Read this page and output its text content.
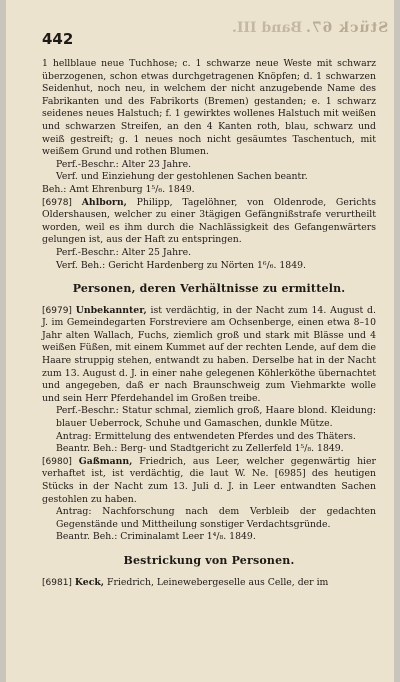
Stück 67.
Band III.
442

1 hellblaue neue Tuchhose; c. 1 schwarze neue Weste mit schwarz überzogenen, schon etwas durchgetragenen Knöpfen; d. 1 schwarzen Seidenhut, noch neu, in welchem der nicht anzugebende Name des Fabrikanten und des Fabrikorts (Bremen) gestanden; e. 1 schwarz seidenes neues Halstuch; f. 1 gewirktes wollenes Halstuch mit weißen und schwarzen Streifen, an den 4 Kanten roth, blau, schwarz und weiß gestreift; g. 1 neues noch nicht gesäumtes Taschentuch, mit weißem Grund und rothen Blumen.

Perf.-Beschr.: Alter 23 Jahre.

Verf. und Einziehung der gestohlenen Sachen beantr.

Beh.: Amt Ehrenburg 1⁵/₆. 1849.

[6978] Ahlborn, Philipp, Tagelöhner, von Oldenrode, Gerichts Oldershausen, welcher zu einer 3tägigen Gefängnißstrafe verurtheilt worden, weil es ihm durch die Nachlässigkeit des Gefangenwärters gelungen ist, aus der Haft zu entspringen.

Perf.-Beschr.: Alter 25 Jahre.

Verf. Beh.: Gericht Hardenberg zu Nörten 1⁶/₆. 1849.

Personen, deren Verhältnisse zu ermitteln.

[6979] Unbekannter, ist verdächtig, in der Nacht zum 14. August d. J. im Gemeindegarten Forstreviere am Ochsenberge, einen etwa 8–10 Jahr alten Wallach, Fuchs, ziemlich groß und stark mit Blässe und 4 weißen Füßen, mit einem Kummet auf der rechten Lende, auf dem die Haare struppig stehen, entwandt zu haben. Derselbe hat in der Nacht zum 13. August d. J. in einer nahe gelegenen Köhlerköthe übernachtet und angegeben, daß er nach Braunschweig zum Viehmarkte wolle und sein Herr Pferdehandel im Großen treibe.

Perf.-Beschr.: Statur schmal, ziemlich groß, Haare blond. Kleidung: blauer Ueberrock, Schuhe und Gamaschen, dunkle Mütze.

Antrag: Ermittelung des entwendeten Pferdes und des Thäters.

Beantr. Beh.: Berg- und Stadtgericht zu Zellerfeld 1⁵/₈. 1849.

[6980] Gaßmann, Friedrich, aus Leer, welcher gegenwärtig hier verhaftet ist, ist verdächtig, die laut W. Ne. [6985] des heutigen Stücks in der Nacht zum 13. Juli d. J. in Leer entwandten Sachen gestohlen zu haben.

Antrag: Nachforschung nach dem Verbleib der gedachten Gegenstände und Mittheilung sonstiger Verdachtsgründe.

Beantr. Beh.: Criminalamt Leer 1⁴/₈. 1849.

Bestrickung von Personen.

[6981] Keck, Friedrich, Leinewebergeselle aus Celle, der im
